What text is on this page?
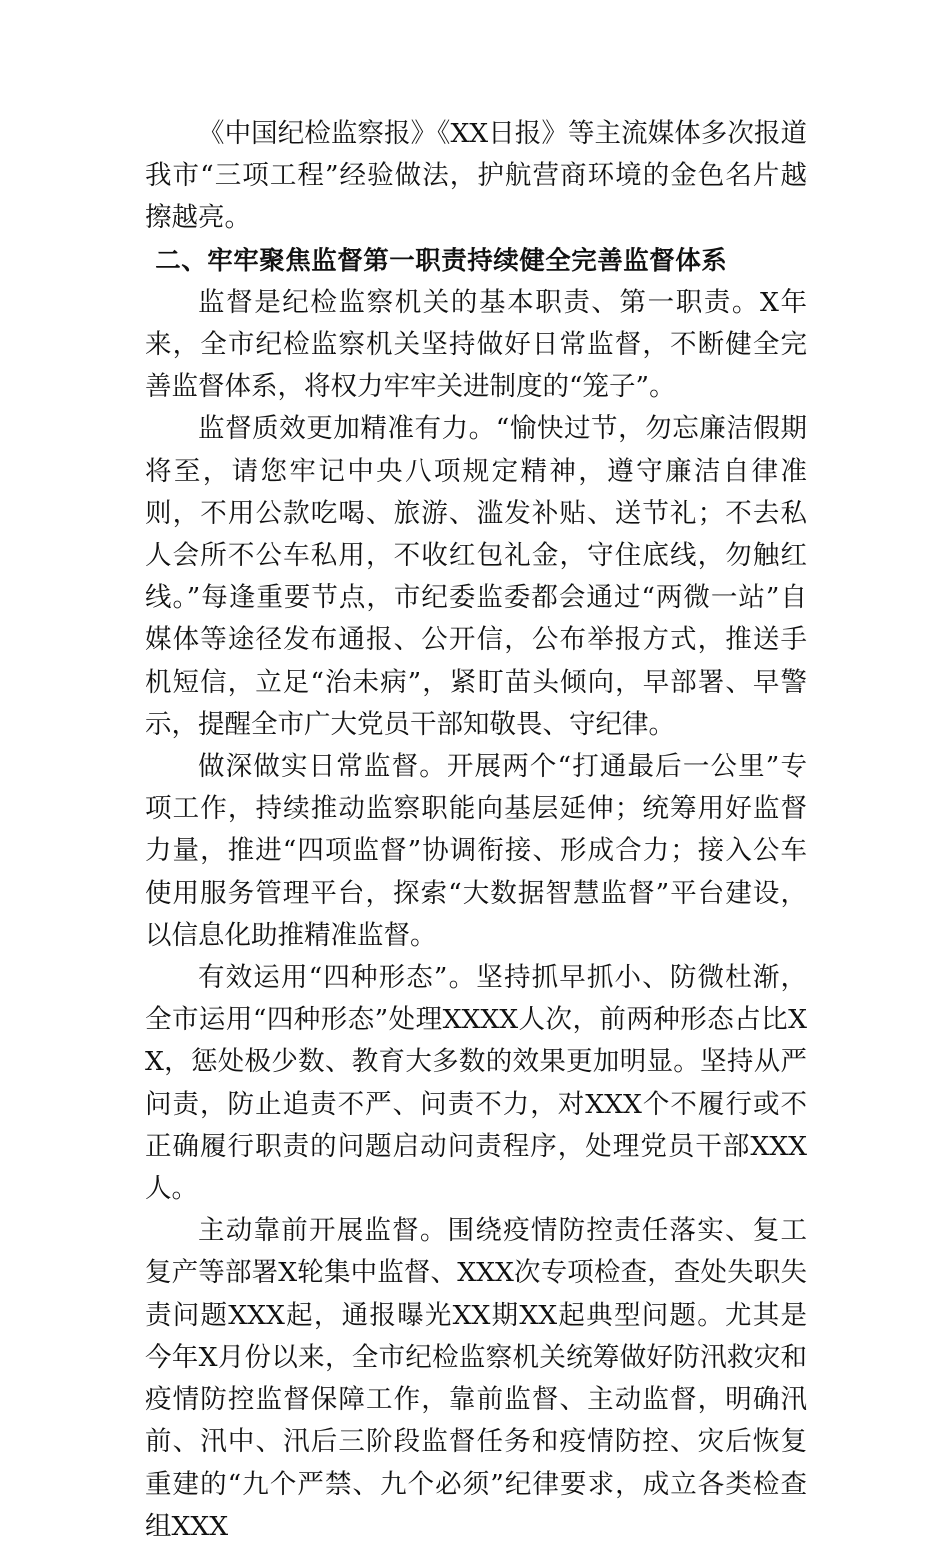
《中国纪检监察报》《XX日报》等主流媒体多次报道我市“三项工程”经验做法，护航营商环境的金色名片越擦越亮。

二、牢牢聚焦监督第一职责持续健全完善监督体系

监督是纪检监察机关的基本职责、第一职责。X年来，全市纪检监察机关坚持做好日常监督，不断健全完善监督体系，将权力牢牢关进制度的“笼子”。

监督质效更加精准有力。“愉快过节，勿忘廉洁假期将至，请您牢记中央八项规定精神，遵守廉洁自律准则，不用公款吃喝、旅游、滥发补贴、送节礼；不去私人会所不公车私用，不收红包礼金，守住底线，勿触红线。”每逢重要节点，市纪委监委都会通过“两微一站”自媒体等途径发布通报、公开信，公布举报方式，推送手机短信，立足“治未病”，紧盯苗头倾向，早部署、早警示，提醒全市广大党员干部知敬畏、守纪律。

做深做实日常监督。开展两个“打通最后一公里”专项工作，持续推动监察职能向基层延伸；统筹用好监督力量，推进“四项监督”协调衔接、形成合力；接入公车使用服务管理平台，探索“大数据智慧监督”平台建设，以信息化助推精准监督。

有效运用“四种形态”。坚持抓早抓小、防微杜渐，全市运用“四种形态”处理XXXX人次，前两种形态占比XX，惩处极少数、教育大多数的效果更加明显。坚持从严问责，防止追责不严、问责不力，对XXX个不履行或不正确履行职责的问题启动问责程序，处理党员干部XXX人。

主动靠前开展监督。围绕疫情防控责任落实、复工复产等部署X轮集中监督、XXX次专项检查，查处失职失责问题XXX起，通报曝光XX期XX起典型问题。尤其是今年X月份以来，全市纪检监察机关统筹做好防汛救灾和疫情防控监督保障工作，靠前监督、主动监督，明确汛前、汛中、汛后三阶段监督任务和疫情防控、灾后恢复重建的“九个严禁、九个必须”纪律要求，成立各类检查组XXX
